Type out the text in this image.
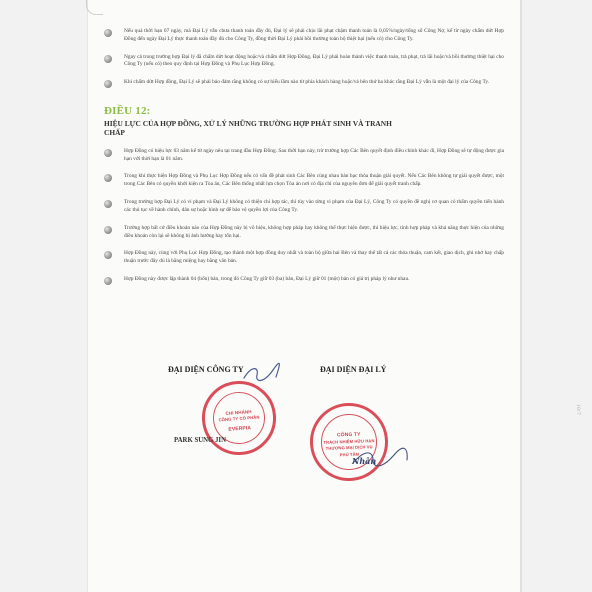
Nếu quá thời hạn 07 ngày, mà Đại Lý vẫn chưa thanh toán đầy đủ, Đại lý sẽ phải chịu lãi phạt chậm thanh toán là 0,05%/ngày/tổng số Công Nợ, kể từ ngày chấm dứt Hợp Đồng đến ngày Đại Lý thực thanh toán đầy đủ cho Công Ty, đồng thời Đại Lý phải bồi thường toàn bộ thiệt hại (nếu có) cho Công Ty.
Ngay cả trong trường hợp Đại lý đã chấm dứt hoạt động hoặc/và chấm dứt Hợp Đồng, Đại Lý phải hoàn thành việc thanh toán, trả phạt, trả lãi hoặc/và bồi thường thiệt hại cho Công Ty (nếu có) theo quy định tại Hợp Đồng và Phụ Lục Hợp Đồng.
Khi chấm dứt Hợp đồng, Đại Lý sẽ phải bảo đảm rằng không có sự hiểu lầm nào từ phía khách hàng hoặc/và bên thứ ba khác rằng Đại Lý vẫn là một đại lý của Công Ty.
ĐIỀU 12:
HIỆU LỰC CỦA HỢP ĐỒNG, XỬ LÝ NHỮNG TRƯỜNG HỢP PHÁT SINH VÀ TRANH CHẤP
Hợp Đồng có hiệu lực 03 năm kể từ ngày nêu tại trang đầu Hợp Đồng. Sau thời hạn này, trừ trường hợp Các Bên quyết định điều chỉnh khác đi, Hợp Đồng sẽ tự động được gia hạn với thời hạn là 01 năm.
Trong khi thực hiện Hợp Đồng và Phụ Lục Hợp Đồng nếu có vấn đề phát sinh Các Bên cùng nhau bàn bạc thỏa thuận giải quyết. Nếu Các Bên không tự giải quyết được, một trong Các Bên có quyền khởi kiện ra Tòa án, Các Bên thống nhất lựa chọn Tòa án nơi có địa chỉ của nguyên đơn để giải quyết tranh chấp.
Trong trường hợp Đại Lý có vi phạm và Đại Lý không có thiện chí hợp tác, thì tùy vào từng vi phạm của Đại Lý, Công Ty có quyền đề nghị cơ quan có thẩm quyền tiến hành các thủ tục về hành chính, dân sự hoặc hình sự để bảo vệ quyền lợi của Công Ty.
Trường hợp bất cứ điều khoản nào của Hợp Đồng này bị vô hiệu, không hợp pháp hay không thể thực hiện được, thì hiệu lực, tính hợp pháp và khả năng thực hiện của những điều khoản còn lại sẽ không bị ảnh hưởng hay tổn hại.
Hợp Đồng này, cùng với Phụ Lục Hợp Đồng, tạo thành một hợp đồng duy nhất và toàn bộ giữa hai Bên và thay thế tất cả các thỏa thuận, cam kết, giao dịch, ghi nhớ hay chấp thuận trước đây dù là bằng miệng hay bằng văn bản.
Hợp Đồng này được lập thành 04 (bốn) bản, trong đó Công Ty giữ 03 (ba) bản, Đại Lý giữ 01 (một) bản có giá trị pháp lý như nhau.
ĐẠI DIỆN CÔNG TY	ĐẠI DIỆN ĐẠI LÝ
CHI NHÁNH
CÔNG TY CỔ PHẦN
EVERPIA
PARK SUNG JIN
CÔNG TY
TRÁCH NHIỆM HỮU HẠN
THƯƠNG MẠI DỊCH VỤ
PHÚ TÂM
Nhân
10/7
